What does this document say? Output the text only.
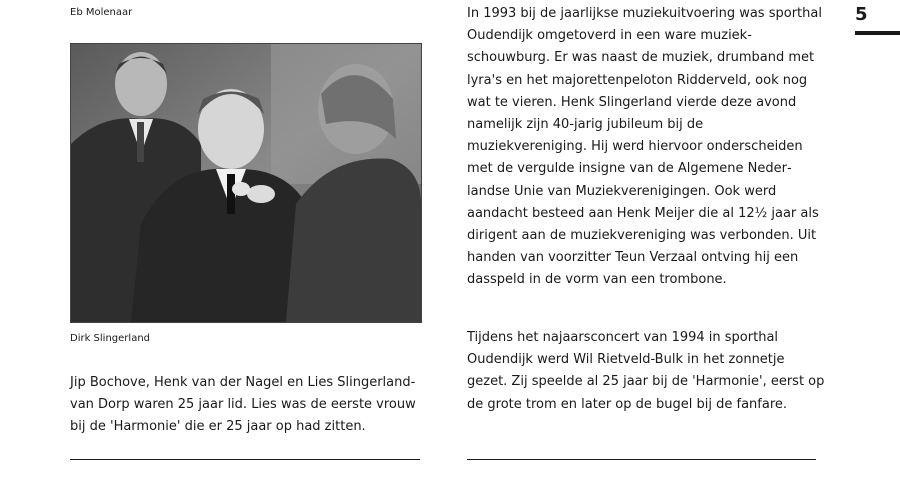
Eb Molenaar
Dirk Slingerland

Jip Bochove, Henk van der Nagel en Lies Slingerland-van Dorp waren 25 jaar lid. Lies was de eerste vrouw bij de 'Harmonie' die er 25 jaar op had zitten.

In 1993 bij de jaarlijkse muziekuitvoering was sporthal Oudendijk omgetoverd in een ware muziekschouwburg. Er was naast de muziek, drumband met lyra's en het majorettenpeloton Ridderveld, ook nog wat te vieren. Henk Slingerland vierde deze avond namelijk zijn 40-jarig jubileum bij de muziekvereniging. Hij werd hiervoor onderscheiden met de vergulde insigne van de Algemene Nederlandse Unie van Muziekverenigingen. Ook werd aandacht besteed aan Henk Meijer die al 12½ jaar als dirigent aan de muziekvereniging was verbonden. Uit handen van voorzitter Teun Verzaal ontving hij een dasspeld in de vorm van een trombone.

Tijdens het najaarsconcert van 1994 in sporthal Oudendijk werd Wil Rietveld-Bulk in het zonnetje gezet. Zij speelde al 25 jaar bij de 'Harmonie', eerst op de grote trom en later op de bugel bij de fanfare.

5
